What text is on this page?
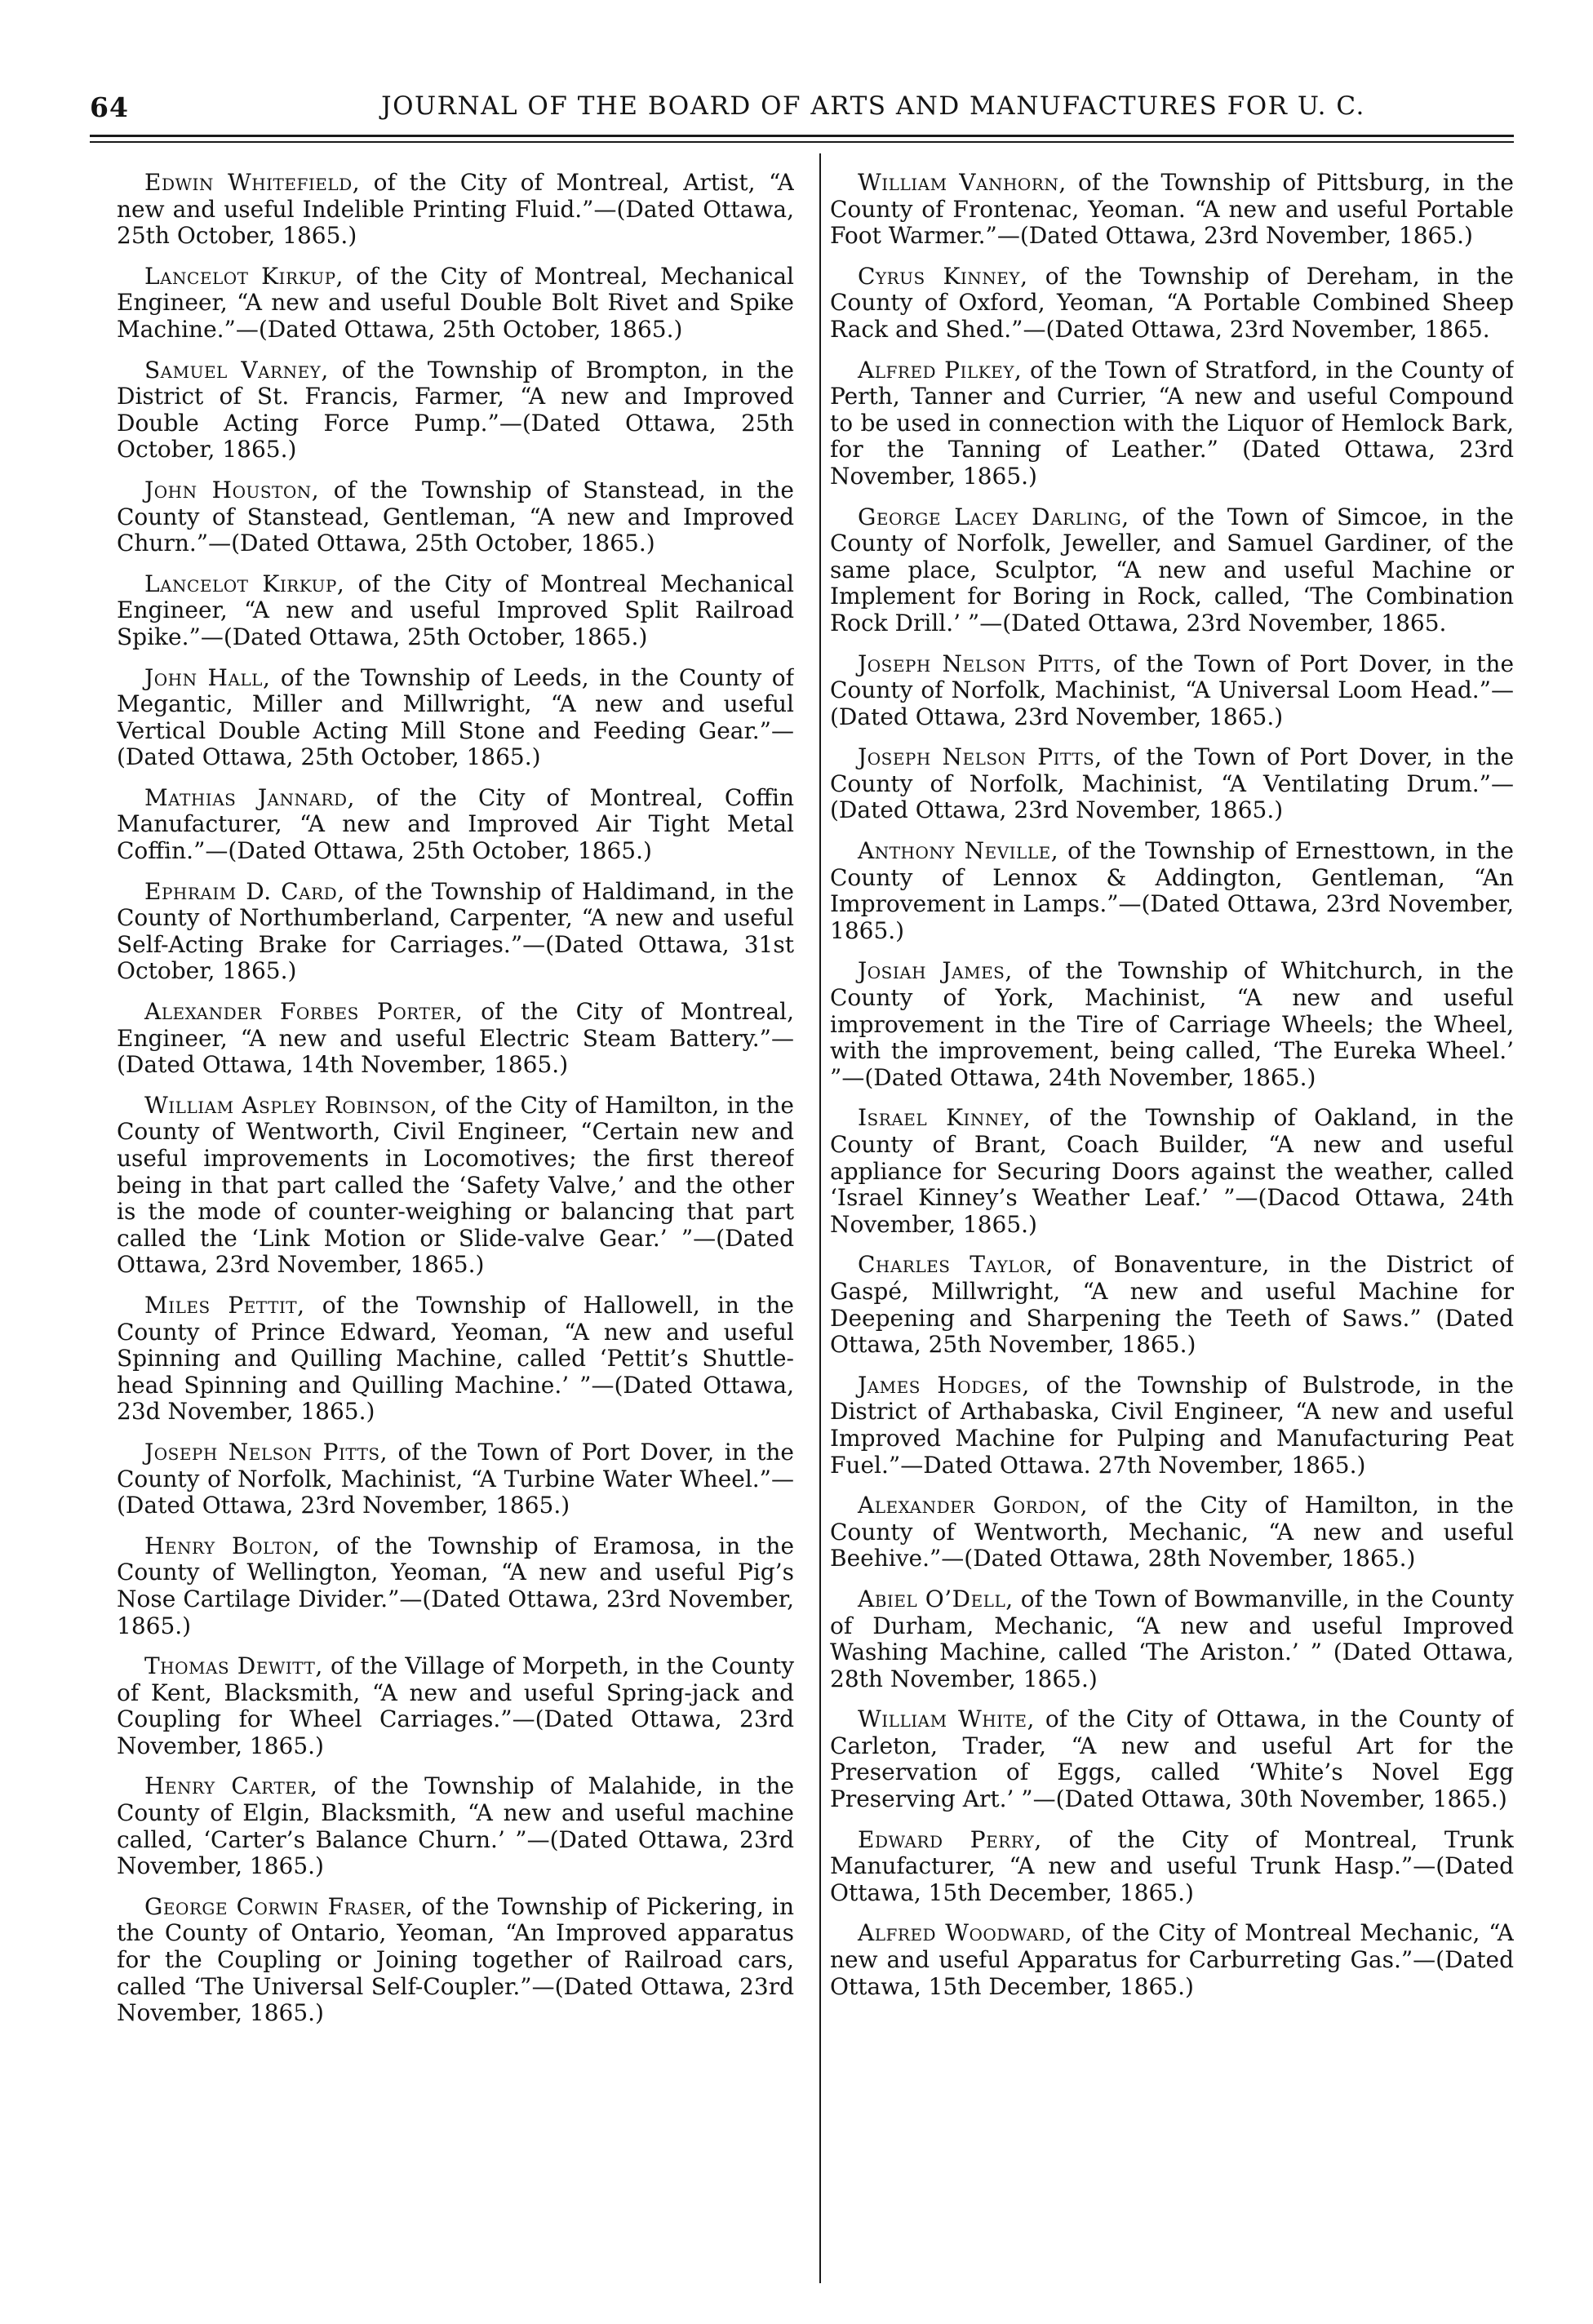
64	JOURNAL OF THE BOARD OF ARTS AND MANUFACTURES FOR U. C.

Edwin Whitefield, of the City of Montreal, Artist, “A new and useful Indelible Printing Fluid.”—(Dated Ottawa, 25th October, 1865.)

Lancelot Kirkup, of the City of Montreal, Mechanical Engineer, “A new and useful Double Bolt Rivet and Spike Machine.”—(Dated Ottawa, 25th October, 1865.)

Samuel Varney, of the Township of Brompton, in the District of St. Francis, Farmer, “A new and Improved Double Acting Force Pump.”—(Dated Ottawa, 25th October, 1865.)

John Houston, of the Township of Stanstead, in the County of Stanstead, Gentleman, “A new and Improved Churn.”—(Dated Ottawa, 25th October, 1865.)

Lancelot Kirkup, of the City of Montreal Mechanical Engineer, “A new and useful Improved Split Railroad Spike.”—(Dated Ottawa, 25th October, 1865.)

John Hall, of the Township of Leeds, in the County of Megantic, Miller and Millwright, “A new and useful Vertical Double Acting Mill Stone and Feeding Gear.”—(Dated Ottawa, 25th October, 1865.)

Mathias Jannard, of the City of Montreal, Coffin Manufacturer, “A new and Improved Air Tight Metal Coffin.”—(Dated Ottawa, 25th October, 1865.)

Ephraim D. Card, of the Township of Haldimand, in the County of Northumberland, Carpenter, “A new and useful Self-Acting Brake for Carriages.”—(Dated Ottawa, 31st October, 1865.)

Alexander Forbes Porter, of the City of Montreal, Engineer, “A new and useful Electric Steam Battery.”—(Dated Ottawa, 14th November, 1865.)

William Aspley Robinson, of the City of Hamilton, in the County of Wentworth, Civil Engineer, “Certain new and useful improvements in Locomotives; the first thereof being in that part called the ‘Safety Valve,’ and the other is the mode of counter-weighing or balancing that part called the ‘Link Motion or Slide-valve Gear.’ ”—(Dated Ottawa, 23rd November, 1865.)

Miles Pettit, of the Township of Hallowell, in the County of Prince Edward, Yeoman, “A new and useful Spinning and Quilling Machine, called ‘Pettit’s Shuttle-head Spinning and Quilling Machine.’ ”—(Dated Ottawa, 23d November, 1865.)

Joseph Nelson Pitts, of the Town of Port Dover, in the County of Norfolk, Machinist, “A Turbine Water Wheel.”—(Dated Ottawa, 23rd November, 1865.)

Henry Bolton, of the Township of Eramosa, in the County of Wellington, Yeoman, “A new and useful Pig’s Nose Cartilage Divider.”—(Dated Ottawa, 23rd November, 1865.)

Thomas Dewitt, of the Village of Morpeth, in the County of Kent, Blacksmith, “A new and useful Spring-jack and Coupling for Wheel Carriages.”—(Dated Ottawa, 23rd November, 1865.)

Henry Carter, of the Township of Malahide, in the County of Elgin, Blacksmith, “A new and useful machine called, ‘Carter’s Balance Churn.’ ”—(Dated Ottawa, 23rd November, 1865.)

George Corwin Fraser, of the Township of Pickering, in the County of Ontario, Yeoman, “An Improved apparatus for the Coupling or Joining together of Railroad cars, called ‘The Universal Self-Coupler.”—(Dated Ottawa, 23rd November, 1865.)

William Vanhorn, of the Township of Pittsburg, in the County of Frontenac, Yeoman. “A new and useful Portable Foot Warmer.”—(Dated Ottawa, 23rd November, 1865.)

Cyrus Kinney, of the Township of Dereham, in the County of Oxford, Yeoman, “A Portable Combined Sheep Rack and Shed.”—(Dated Ottawa, 23rd November, 1865.

Alfred Pilkey, of the Town of Stratford, in the County of Perth, Tanner and Currier, “A new and useful Compound to be used in connection with the Liquor of Hemlock Bark, for the Tanning of Leather.” (Dated Ottawa, 23rd November, 1865.)

George Lacey Darling, of the Town of Simcoe, in the County of Norfolk, Jeweller, and Samuel Gardiner, of the same place, Sculptor, “A new and useful Machine or Implement for Boring in Rock, called, ‘The Combination Rock Drill.’ ”—(Dated Ottawa, 23rd November, 1865.

Joseph Nelson Pitts, of the Town of Port Dover, in the County of Norfolk, Machinist, “A Universal Loom Head.”—(Dated Ottawa, 23rd November, 1865.)

Joseph Nelson Pitts, of the Town of Port Dover, in the County of Norfolk, Machinist, “A Ventilating Drum.”—(Dated Ottawa, 23rd November, 1865.)

Anthony Neville, of the Township of Ernesttown, in the County of Lennox & Addington, Gentleman, “An Improvement in Lamps.”—(Dated Ottawa, 23rd November, 1865.)

Josiah James, of the Township of Whitchurch, in the County of York, Machinist, “A new and useful improvement in the Tire of Carriage Wheels; the Wheel, with the improvement, being called, ‘The Eureka Wheel.’ ”—(Dated Ottawa, 24th November, 1865.)

Israel Kinney, of the Township of Oakland, in the County of Brant, Coach Builder, “A new and useful appliance for Securing Doors against the weather, called ‘Israel Kinney’s Weather Leaf.’ ”—(Dacod Ottawa, 24th November, 1865.)

Charles Taylor, of Bonaventure, in the District of Gaspé, Millwright, “A new and useful Machine for Deepening and Sharpening the Teeth of Saws.” (Dated Ottawa, 25th November, 1865.)

James Hodges, of the Township of Bulstrode, in the District of Arthabaska, Civil Engineer, “A new and useful Improved Machine for Pulping and Manufacturing Peat Fuel.”—Dated Ottawa. 27th November, 1865.)

Alexander Gordon, of the City of Hamilton, in the County of Wentworth, Mechanic, “A new and useful Beehive.”—(Dated Ottawa, 28th November, 1865.)

Abiel O’Dell, of the Town of Bowmanville, in the County of Durham, Mechanic, “A new and useful Improved Washing Machine, called ‘The Ariston.’ ” (Dated Ottawa, 28th November, 1865.)

William White, of the City of Ottawa, in the County of Carleton, Trader, “A new and useful Art for the Preservation of Eggs, called ‘White’s Novel Egg Preserving Art.’ ”—(Dated Ottawa, 30th November, 1865.)

Edward Perry, of the City of Montreal, Trunk Manufacturer, “A new and useful Trunk Hasp.”—(Dated Ottawa, 15th December, 1865.)

Alfred Woodward, of the City of Montreal Mechanic, “A new and useful Apparatus for Carburreting Gas.”—(Dated Ottawa, 15th December, 1865.)
